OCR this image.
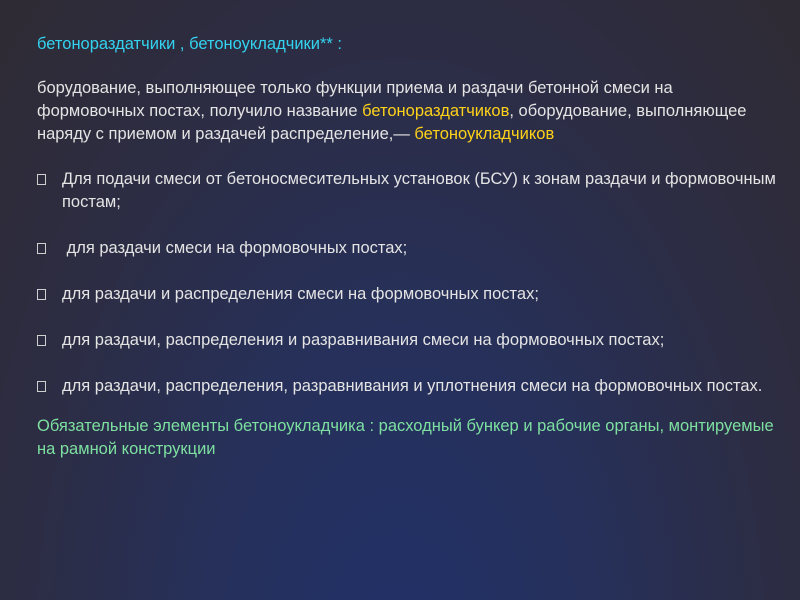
бетонораздатчики , бетоноукладчики** :

борудование, выполняющее только функции приема и раздачи бетонной смеси на формовочных постах, получило название бетонораздатчиков, оборудование, выполняющее наряду с приемом и раздачей распределение,— бетоноукладчиков

Для подачи смеси от бетоносмесительных установок (БСУ) к зонам раздачи и формовочным постам;
для раздачи смеси на формовочных постах;
для раздачи и распределения смеси на формовочных постах;
для раздачи, распределения и разравнивания смеси на формовочных постах;
для раздачи, распределения, разравнивания и уплотнения смеси на формовочных постах.

Обязательные элементы бетоноукладчика : расходный бункер и рабочие органы, монтируемые на рамной конструкции
